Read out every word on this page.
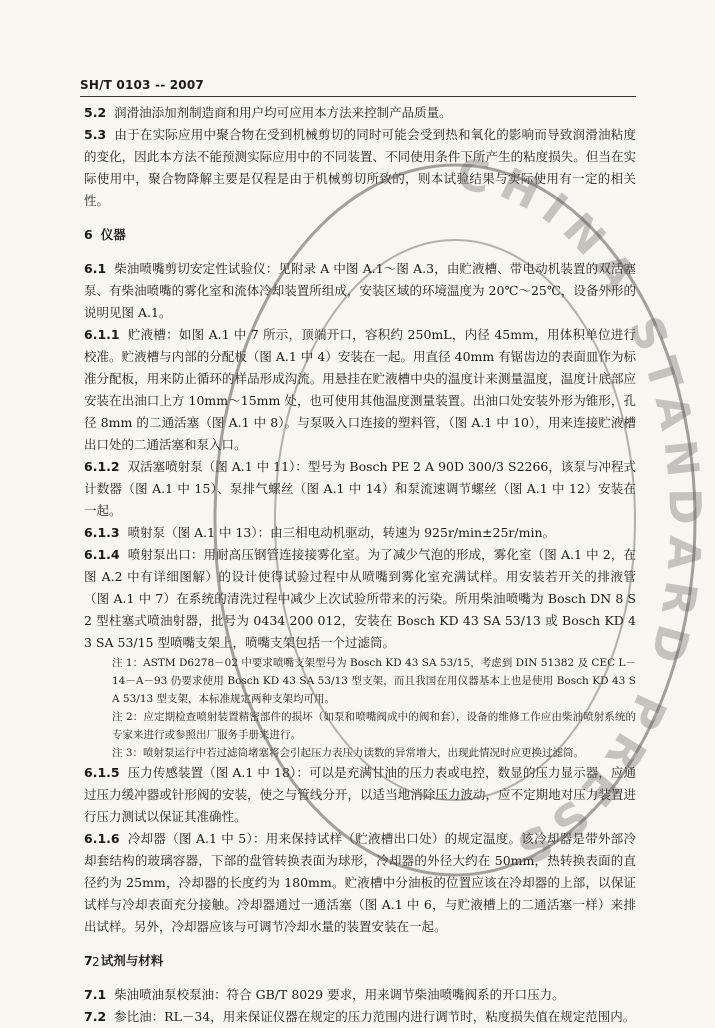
SH/T 0103 -- 2007

5.2 润滑油添加剂制造商和用户均可应用本方法来控制产品质量。

5.3 由于在实际应用中聚合物在受到机械剪切的同时可能会受到热和氧化的影响而导致润滑油粘度的变化，因此本方法不能预测实际应用中的不同装置、不同使用条件下所产生的粘度损失。但当在实际使用中，聚合物降解主要是仅程是由于机械剪切所致的，则本试验结果与实际使用有一定的相关性。

6 仪器

6.1 柴油喷嘴剪切安定性试验仪：见附录 A 中图 A.1～图 A.3，由贮液槽、带电动机装置的双活塞泵、有柴油喷嘴的雾化室和流体冷却装置所组成，安装区域的环境温度为 20℃～25℃，设备外形的说明见图 A.1。

6.1.1 贮液槽：如图 A.1 中 7 所示，顶端开口，容积约 250mL，内径 45mm，用体积单位进行校准。贮液槽与内部的分配板（图 A.1 中 4）安装在一起。用直径 40mm 有锯齿边的表面皿作为标准分配板，用来防止循环的样品形成沟流。用悬挂在贮液槽中央的温度计来测量温度，温度计底部应安装在出油口上方 10mm～15mm 处，也可使用其他温度测量装置。出油口处安装外形为锥形，孔径 8mm 的二通活塞（图 A.1 中 8）。与泵吸入口连接的塑料管，（图 A.1 中 10），用来连接贮液槽出口处的二通活塞和泵入口。

6.1.2 双活塞喷射泵（图 A.1 中 11）：型号为 Bosch PE 2 A 90D 300/3 S2266，该泵与冲程式计数器（图 A.1 中 15）、泵排气螺丝（图 A.1 中 14）和泵流速调节螺丝（图 A.1 中 12）安装在一起。

6.1.3 喷射泵（图 A.1 中 13）：由三相电动机驱动，转速为 925r/min±25r/min。

6.1.4 喷射泵出口：用耐高压钢管连接接雾化室。为了减少气泡的形成，雾化室（图 A.1 中 2，在图 A.2 中有详细图解）的设计使得试验过程中从喷嘴到雾化室充满试样。用安装若开关的排液管（图 A.1 中 7）在系统的清洗过程中减少上次试验所带来的污染。所用柴油喷嘴为 Bosch DN 8 S 2 型柱塞式喷油射器，批号为 0434 200 012，安装在 Bosch KD 43 SA 53/13 或 Bosch KD 43 SA 53/15 型喷嘴支架上，喷嘴支架包括一个过滤筒。

注 1：ASTM D6278－02 中要求喷嘴支架型号为 Bosch KD 43 SA 53/15，考虑到 DIN 51382 及 CEC L－14－A－93 仍要求使用 Bosch KD 43 SA 53/13 型支架，而且我国在用仪器基本上也是使用 Bosch KD 43 SA 53/13 型支架，本标准规定两种支架均可用。

注 2：应定期检查喷射装置精密部件的损坏（如泵和喷嘴阀成中的阀和套），设备的维修工作应由柴油喷射系统的专家来进行或参照出厂服务手册来进行。

注 3：喷射泵运行中若过滤筒堵塞将会引起压力表压力读数的异常增大，出现此情况时应更换过滤筒。

6.1.5 压力传感装置（图 A.1 中 18）：可以是充满甘油的压力表或电控，数显的压力显示器，应通过压力缓冲器或针形阀的安装，使之与管线分开，以适当地消除压力波动，应不定期地对压力装置进行压力测试以保证其准确性。

6.1.6 冷却器（图 A.1 中 5）：用来保持试样（贮液槽出口处）的规定温度。该冷却器是带外部冷却套结构的玻璃容器，下部的盘管转换表面为球形，冷却器的外径大约在 50mm，热转换表面的直径约为 25mm，冷却器的长度约为 180mm。贮液槽中分油板的位置应该在冷却器的上部，以保证试样与冷却表面充分接触。冷却器通过一通活塞（图 A.1 中 6，与贮液槽上的二通活塞一样）来排出试样。另外，冷却器应该与可调节冷却水量的装置安装在一起。

7 试剂与材料

7.1 柴油喷油泵校泵油：符合 GB/T 8029 要求，用来调节柴油喷嘴阀系的开口压力。

7.2 参比油：RL－34，用来保证仪器在规定的压力范围内进行调节时，粘度损失值在规定范围内。

CHINA STANDARD PRESS
2
